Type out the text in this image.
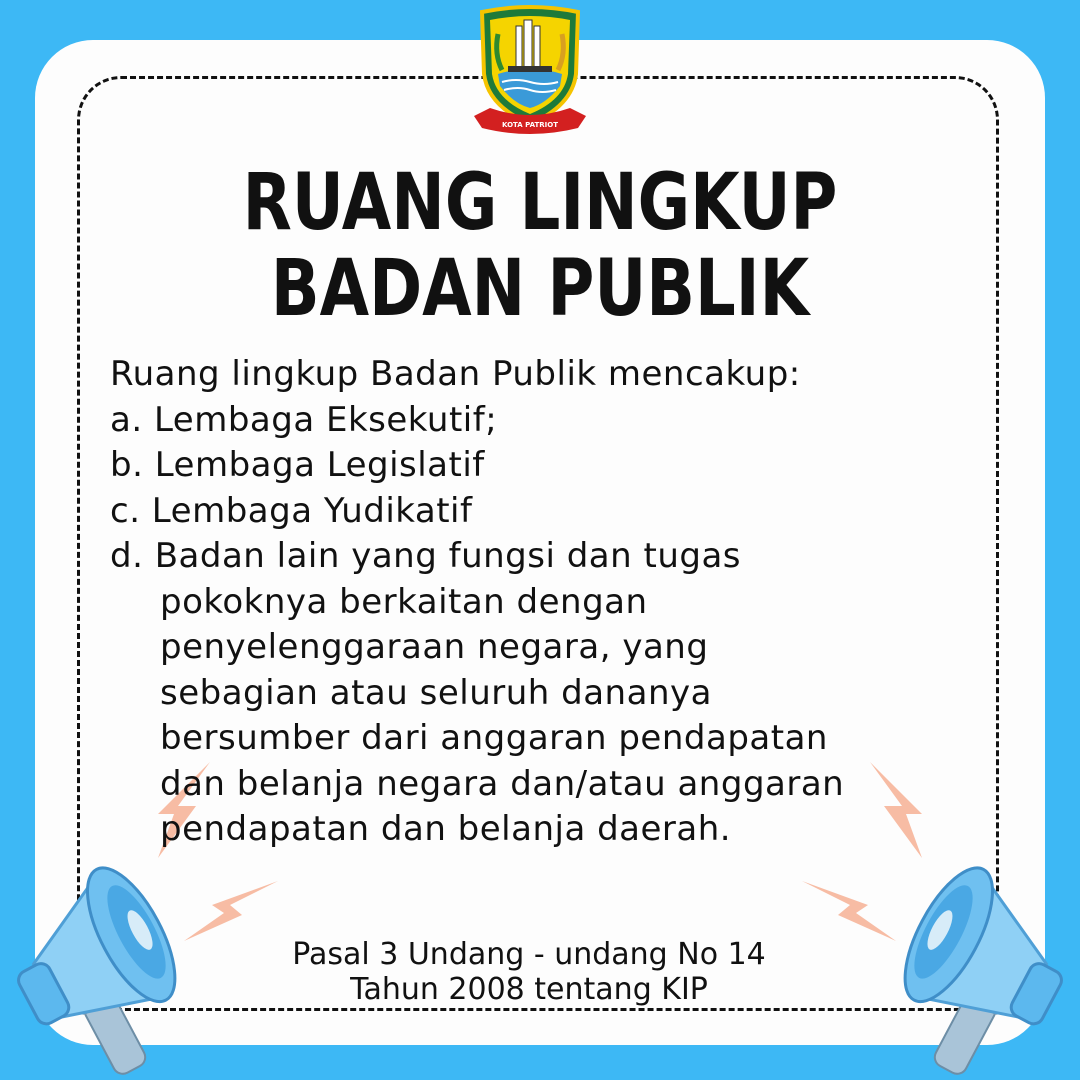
KOTA PATRIOT
RUANG LINGKUP
BADAN PUBLIK
Ruang lingkup Badan Publik mencakup:
a. Lembaga Eksekutif;
b. Lembaga Legislatif
c. Lembaga Yudikatif
d. Badan lain yang fungsi dan tugas
pokoknya berkaitan dengan
penyelenggaraan negara, yang
sebagian atau seluruh dananya
bersumber dari anggaran pendapatan
dan belanja negara dan/atau anggaran
pendapatan dan belanja daerah.
Pasal 3 Undang - undang No 14
Tahun 2008 tentang KIP
